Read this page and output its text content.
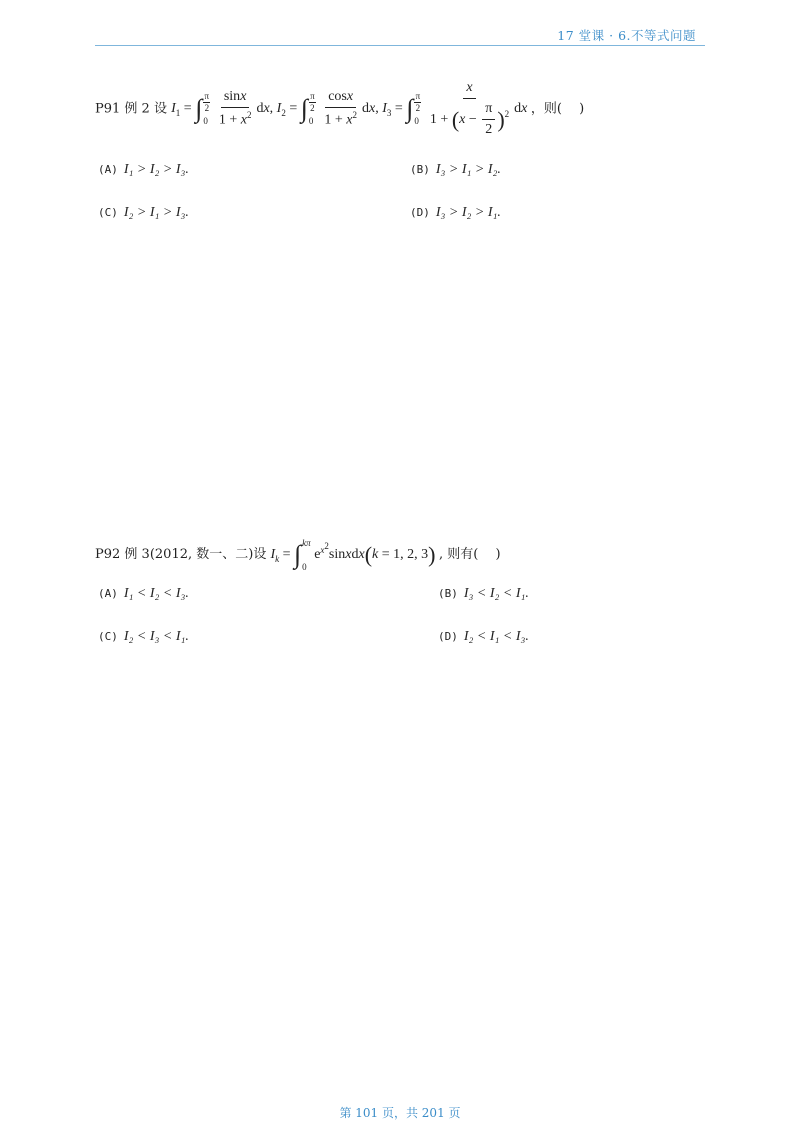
17 堂课 · 6.不等式问题
P91 例 2 设 $I_1$ = ∫ π
2
0
$\frac{\sin x}{1 + x^2}$ dx, $I_2$ = ∫ π
2
0
$\frac{\cos x}{1 + x^2}$ dx, $I_3$ = ∫ π
2
0
$\frac{x}{1 + (x - \frac{\pi}{2} )^2}$ dx ，则(　 )
(A) I₁ > I₂ > I₃.	(B) I₃ > I₁ > I₂.
(C) I₂ > I₁ > I₃.	(D) I₃ > I₂ > I₁.
P92 例 3(2012, 数一、二)设 $I_k$ = ∫ kπ
0
$e^{x^2}sinxdx(k = 1$, 2, 3) , 则有(　 )
(A) I₁ < I₂ < I₃.	(B) I₃ < I₂ < I₁.
(C) I₂ < I₃ < I₁.	(D) I₂ < I₁ < I₃.
第 101 页，共 201 页
